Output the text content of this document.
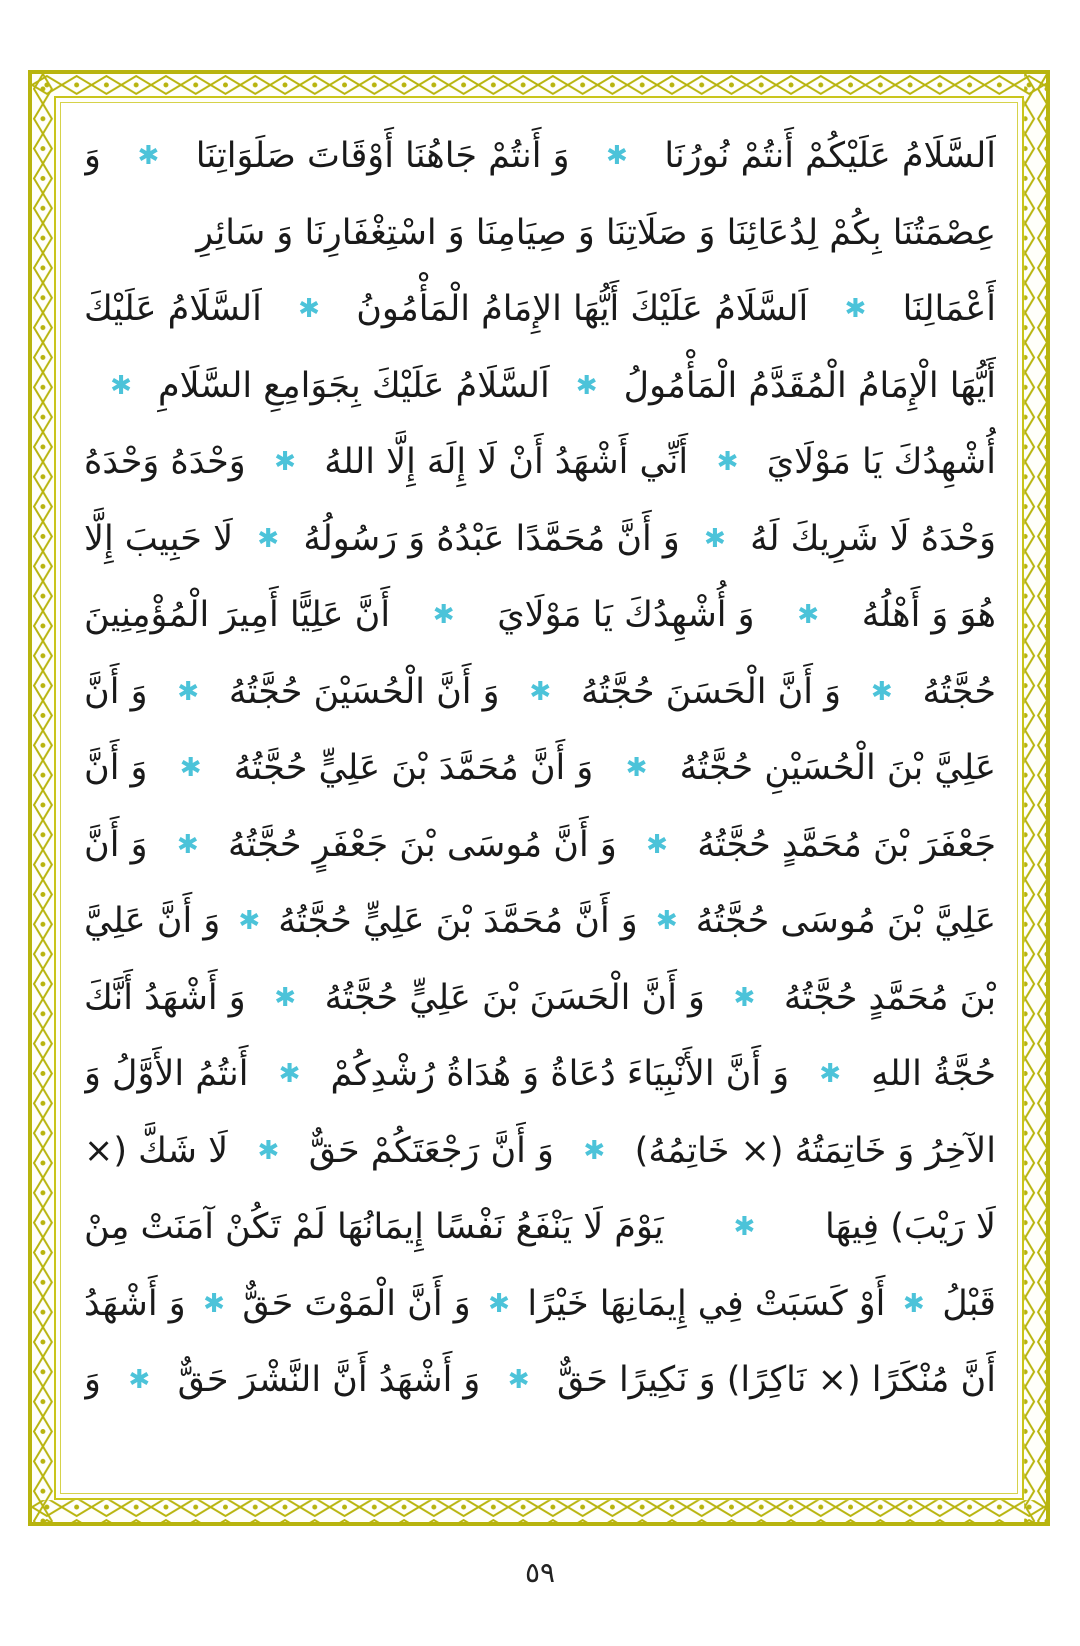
اَلسَّلَامُ عَلَيْكُمْ أَنتُمْ نُورُنَا
✱
وَ أَنتُمْ جَاهُنَا أَوْقَاتَ صَلَوَاتِنَا
✱
وَ
عِصْمَتُنَا بِكُمْ لِدُعَائِنَا وَ صَلَاتِنَا وَ صِيَامِنَا وَ اسْتِغْفَارِنَا وَ سَائِرِ
أَعْمَالِنَا
✱
اَلسَّلَامُ عَلَيْكَ أَيُّهَا الإِمَامُ الْمَأْمُونُ
✱
اَلسَّلَامُ عَلَيْكَ
أَيُّهَا الْإِمَامُ الْمُقَدَّمُ الْمَأْمُولُ
✱
اَلسَّلَامُ عَلَيْكَ بِجَوَامِعِ السَّلَامِ
✱
أُشْهِدُكَ يَا مَوْلَايَ
✱
أَنِّي أَشْهَدُ أَنْ لَا إِلَهَ إِلَّا اللهُ
✱
وَحْدَهُ وَحْدَهُ
وَحْدَهُ لَا شَرِيكَ لَهُ
✱
وَ أَنَّ مُحَمَّدًا عَبْدُهُ وَ رَسُولُهُ
✱
لَا حَبِيبَ إِلَّا
هُوَ وَ أَهْلُهُ
✱
وَ أُشْهِدُكَ يَا مَوْلَايَ
✱
أَنَّ عَلِيًّا أَمِيرَ الْمُؤْمِنِينَ
حُجَّتُهُ
✱
وَ أَنَّ الْحَسَنَ حُجَّتُهُ
✱
وَ أَنَّ الْحُسَيْنَ حُجَّتُهُ
✱
وَ أَنَّ
عَلِيَّ بْنَ الْحُسَيْنِ حُجَّتُهُ
✱
وَ أَنَّ مُحَمَّدَ بْنَ عَلِيٍّ حُجَّتُهُ
✱
وَ أَنَّ
جَعْفَرَ بْنَ مُحَمَّدٍ حُجَّتُهُ
✱
وَ أَنَّ مُوسَى بْنَ جَعْفَرٍ حُجَّتُهُ
✱
وَ أَنَّ
عَلِيَّ بْنَ مُوسَى حُجَّتُهُ
✱
وَ أَنَّ مُحَمَّدَ بْنَ عَلِيٍّ حُجَّتُهُ
✱
وَ أَنَّ عَلِيَّ
بْنَ مُحَمَّدٍ حُجَّتُهُ
✱
وَ أَنَّ الْحَسَنَ بْنَ عَلِيٍّ حُجَّتُهُ
✱
وَ أَشْهَدُ أَنَّكَ
حُجَّةُ اللهِ
✱
وَ أَنَّ الأَنْبِيَاءَ دُعَاةُ وَ هُدَاةُ رُشْدِكُمْ
✱
أَنتُمُ الأَوَّلُ وَ
الآخِرُ وَ خَاتِمَتُهُ (× خَاتِمُهُ)
✱
وَ أَنَّ رَجْعَتَكُمْ حَقٌّ
✱
لَا شَكَّ (×
لَا رَيْبَ) فِيهَا
✱
يَوْمَ لَا يَنْفَعُ نَفْسًا إِيمَانُهَا لَمْ تَكُنْ آمَنَتْ مِنْ
قَبْلُ
✱
أَوْ كَسَبَتْ فِي إِيمَانِهَا خَيْرًا
✱
وَ أَنَّ الْمَوْتَ حَقٌّ
✱
وَ أَشْهَدُ
أَنَّ مُنْكَرًا (× نَاكِرًا) وَ نَكِيرًا حَقٌّ
✱
وَ أَشْهَدُ أَنَّ النَّشْرَ حَقٌّ
✱
وَ
٥٩
